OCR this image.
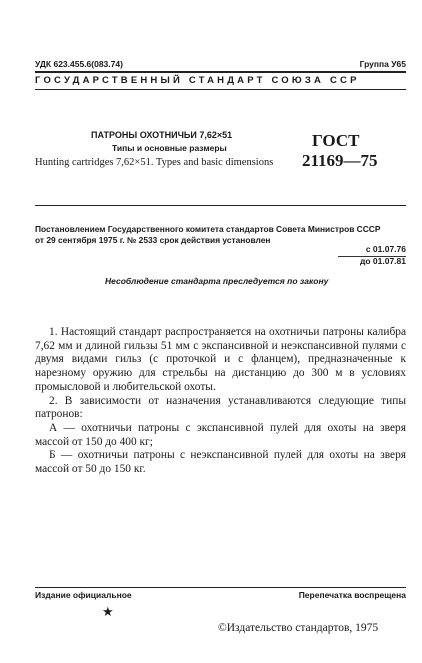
УДК 623.455.6(083.74)	Группа У65
ГОСУДАРСТВЕННЫЙ СТАНДАРТ СОЮЗА ССР
ПАТРОНЫ ОХОТНИЧЬИ 7,62×51
Типы и основные размеры
Hunting cartridges 7,62×51. Types and basic dimensions
ГОСТ
21169—75
Постановлением Государственного комитета стандартов Совета Министров СССР
от 29 сентября 1975 г. № 2533 срок действия установлен
с 01.07.76
до 01.07.81
Несоблюдение стандарта преследуется по закону

1. Настоящий стандарт распространяется на охотничьи патроны калибра 7,62 мм и длиной гильзы 51 мм с экспансивной и неэкспансивной пулями с двумя видами гильз (с проточкой и с фланцем), предназначенные к нарезному оружию для стрельбы на дистанцию до 300 м в условиях промысловой и любительской охоты.

2. В зависимости от назначения устанавливаются следующие типы патронов:

А — охотничьи патроны с экспансивной пулей для охоты на зверя массой от 150 до 400 кг;

Б — охотничьи патроны с неэкспансивной пулей для охоты на зверя массой от 50 до 150 кг.

Издание официальное	Перепечатка воспрещена
★
©Издательство стандартов, 1975
